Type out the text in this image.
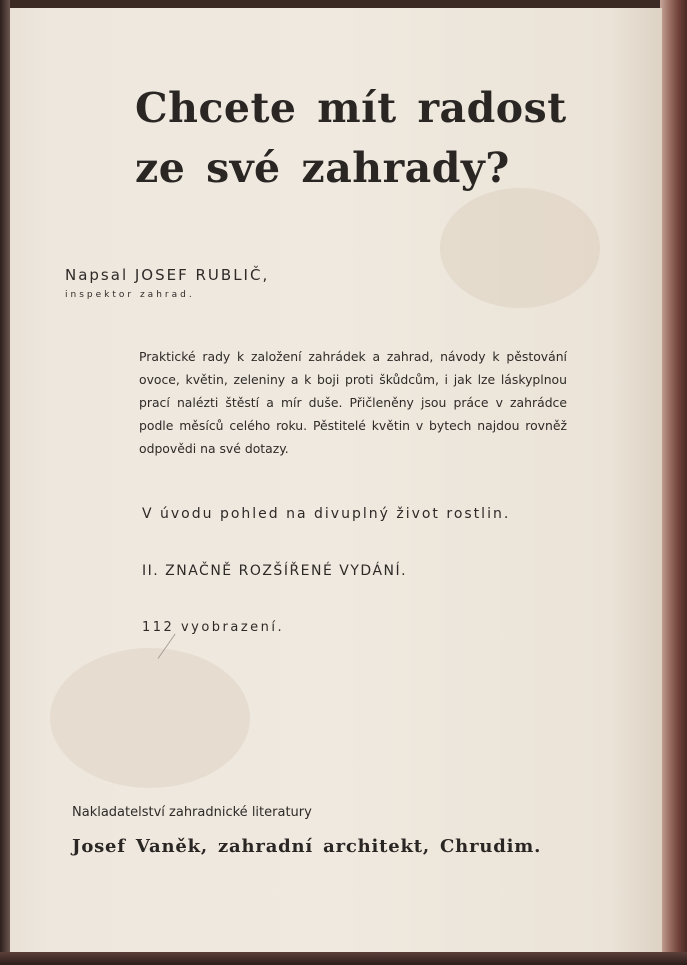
Chcete mít radost
ze své zahrady?
Napsal JOSEF RUBLIČ,
inspektor zahrad.

Praktické rady k založení zahrádek a zahrad, návody k pěstování ovoce, květin, zeleniny a k boji proti škůdcům, i jak lze láskyplnou prací nalézti štěstí a mír duše. Přičleněny jsou práce v zahrádce podle měsíců celého roku. Pěstitelé květin v bytech najdou rovněž odpovědi na své dotazy.

V úvodu pohled na divuplný život rostlin.
II. ZNAČNĚ ROZŠÍŘENÉ VYDÁNÍ.
112 vyobrazení.
Nakladatelství zahradnické literatury
Josef Vaněk, zahradní architekt, Chrudim.
